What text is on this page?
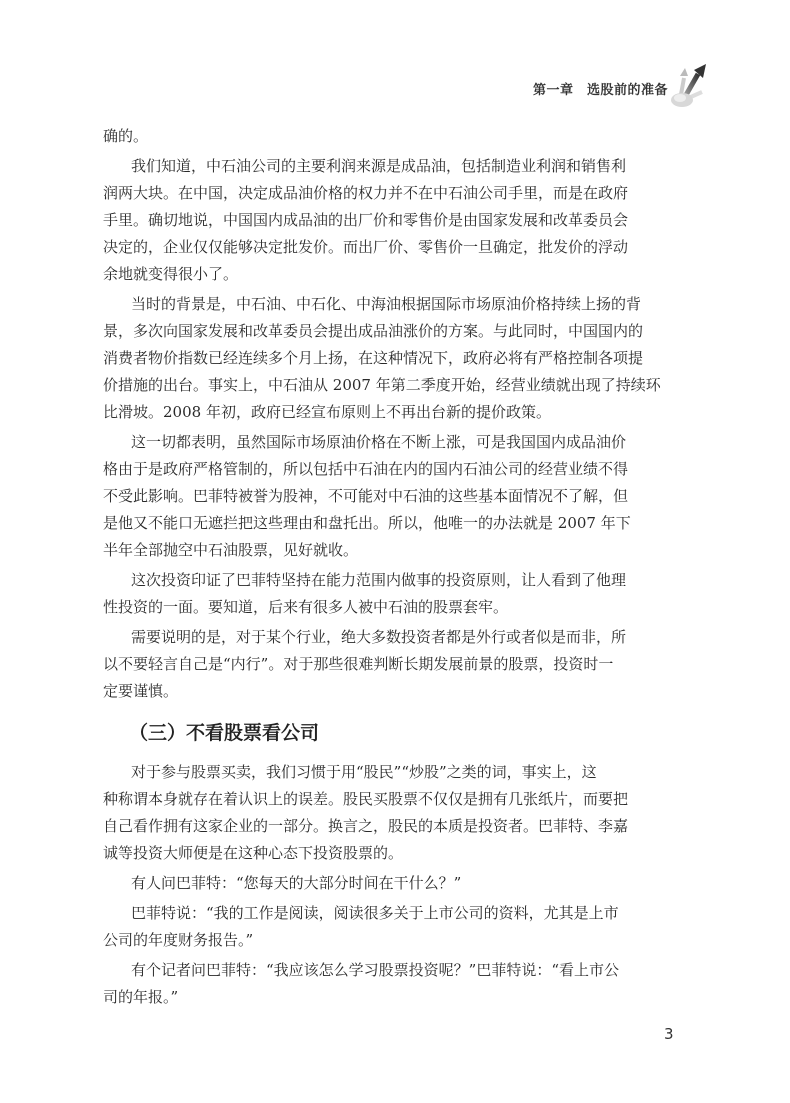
第一章　选股前的准备
确的。
我们知道，中石油公司的主要利润来源是成品油，包括制造业利润和销售利
润两大块。在中国，决定成品油价格的权力并不在中石油公司手里，而是在政府
手里。确切地说，中国国内成品油的出厂价和零售价是由国家发展和改革委员会
决定的，企业仅仅能够决定批发价。而出厂价、零售价一旦确定，批发价的浮动
余地就变得很小了。
当时的背景是，中石油、中石化、中海油根据国际市场原油价格持续上扬的背
景，多次向国家发展和改革委员会提出成品油涨价的方案。与此同时，中国国内的
消费者物价指数已经连续多个月上扬，在这种情况下，政府必将有严格控制各项提
价措施的出台。事实上，中石油从 2007 年第二季度开始，经营业绩就出现了持续环
比滑坡。2008 年初，政府已经宣布原则上不再出台新的提价政策。
这一切都表明，虽然国际市场原油价格在不断上涨，可是我国国内成品油价
格由于是政府严格管制的，所以包括中石油在内的国内石油公司的经营业绩不得
不受此影响。巴菲特被誉为股神，不可能对中石油的这些基本面情况不了解，但
是他又不能口无遮拦把这些理由和盘托出。所以，他唯一的办法就是 2007 年下
半年全部抛空中石油股票，见好就收。
这次投资印证了巴菲特坚持在能力范围内做事的投资原则，让人看到了他理
性投资的一面。要知道，后来有很多人被中石油的股票套牢。
需要说明的是，对于某个行业，绝大多数投资者都是外行或者似是而非，所
以不要轻言自己是“内行”。对于那些很难判断长期发展前景的股票，投资时一
定要谨慎。
（三）不看股票看公司
对于参与股票买卖，我们习惯于用“股民”“炒股”之类的词，事实上，这
种称谓本身就存在着认识上的误差。股民买股票不仅仅是拥有几张纸片，而要把
自己看作拥有这家企业的一部分。换言之，股民的本质是投资者。巴菲特、李嘉
诚等投资大师便是在这种心态下投资股票的。
有人问巴菲特：“您每天的大部分时间在干什么？”
巴菲特说：“我的工作是阅读，阅读很多关于上市公司的资料，尤其是上市
公司的年度财务报告。”
有个记者问巴菲特：“我应该怎么学习股票投资呢？”巴菲特说：“看上市公
司的年报。”
3
